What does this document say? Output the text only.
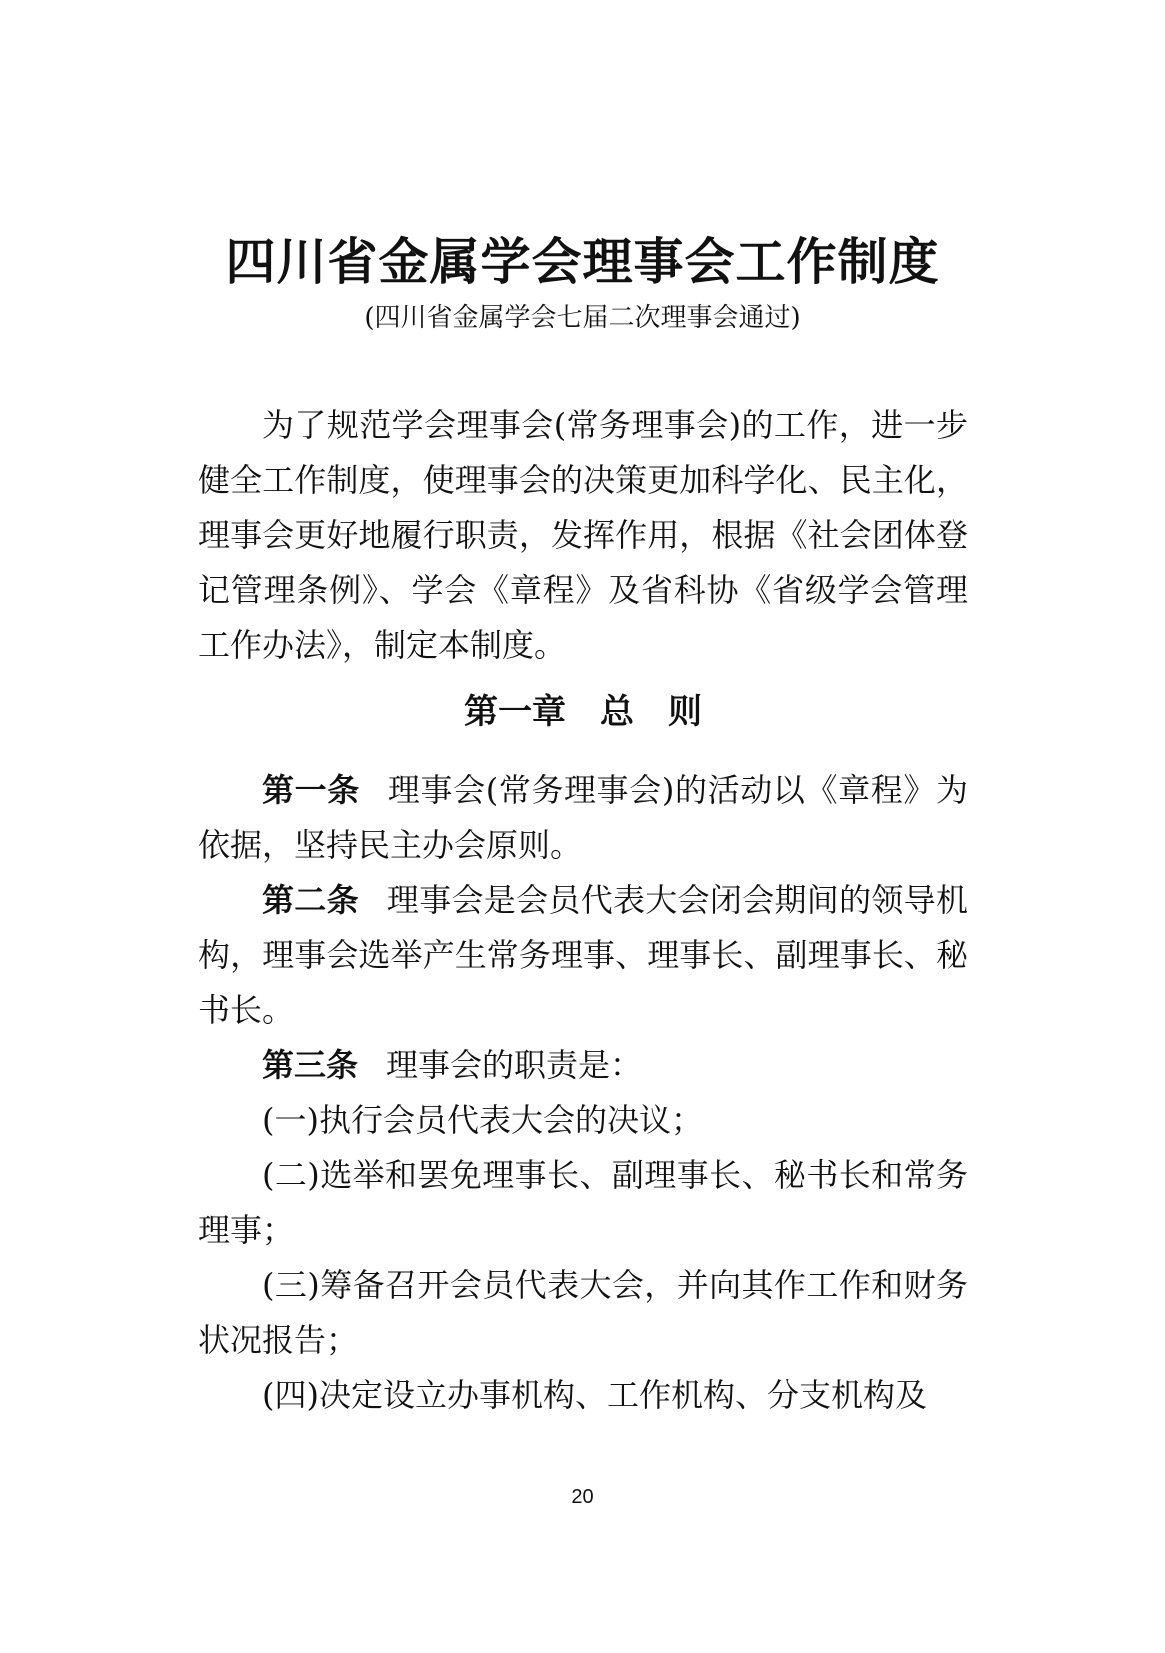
四川省金属学会理事会工作制度

(四川省金属学会七届二次理事会通过)

为了规范学会理事会(常务理事会)的工作，进一步健全工作制度，使理事会的决策更加科学化、民主化，理事会更好地履行职责，发挥作用，根据《社会团体登记管理条例》、学会《章程》及省科协《省级学会管理工作办法》，制定本制度。

第一章　总　则

第一条 理事会(常务理事会)的活动以《章程》为依据，坚持民主办会原则。

第二条 理事会是会员代表大会闭会期间的领导机构，理事会选举产生常务理事、理事长、副理事长、秘书长。

第三条 理事会的职责是：

(一)执行会员代表大会的决议；

(二)选举和罢免理事长、副理事长、秘书长和常务理事；

(三)筹备召开会员代表大会，并向其作工作和财务状况报告；

(四)决定设立办事机构、工作机构、分支机构及

20
